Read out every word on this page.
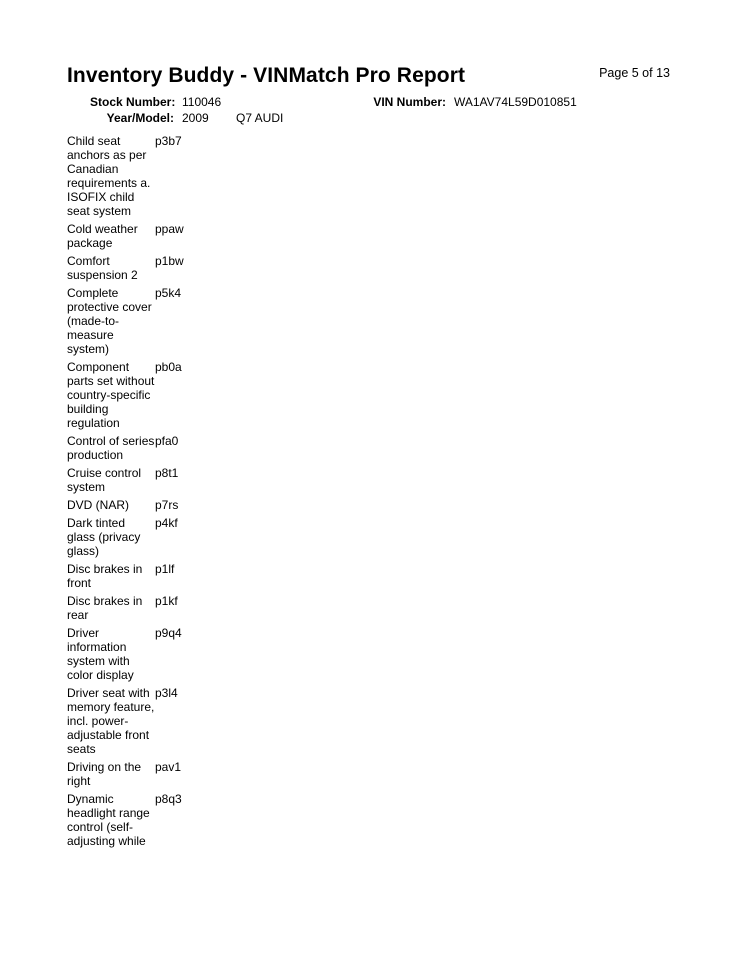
Inventory Buddy - VINMatch Pro Report	Page 5 of 13
Stock Number: 110046
Year/Model: 2009 Q7 AUDI
VIN Number: WA1AV74L59D010851
Child seat anchors as per Canadian requirements a. ISOFIX child seat system
p3b7
Cold weather package
ppaw
Comfort suspension 2
p1bw
Complete protective cover (made-to-measure system)
p5k4
Component parts set without country-specific building regulation
pb0a
Control of series production
pfa0
Cruise control system
p8t1
DVD (NAR)	p7rs
Dark tinted glass (privacy glass)
p4kf
Disc brakes in front
p1lf
Disc brakes in rear
p1kf
Driver information system with color display
p9q4
Driver seat with memory feature, incl. power-adjustable front seats
p3l4
Driving on the right
pav1
Dynamic headlight range control (self-adjusting while
p8q3
